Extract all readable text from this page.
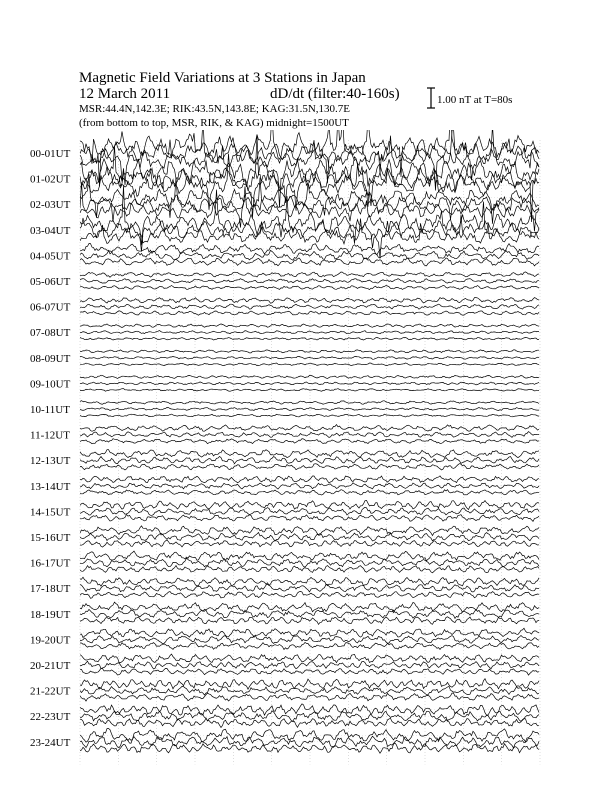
Magnetic Field Variations at 3 Stations in Japan
12 March 2011	dD/dt (filter:40-160s)
MSR:44.4N,142.3E; RIK:43.5N,143.8E; KAG:31.5N,130.7E
(from bottom to top, MSR, RIK, & KAG) midnight=1500UT
1.00 nT at T=80s
00-01UT
01-02UT
02-03UT
03-04UT
04-05UT
05-06UT
06-07UT
07-08UT
08-09UT
09-10UT
10-11UT
11-12UT
12-13UT
13-14UT
14-15UT
15-16UT
16-17UT
17-18UT
18-19UT
19-20UT
20-21UT
21-22UT
22-23UT
23-24UT
